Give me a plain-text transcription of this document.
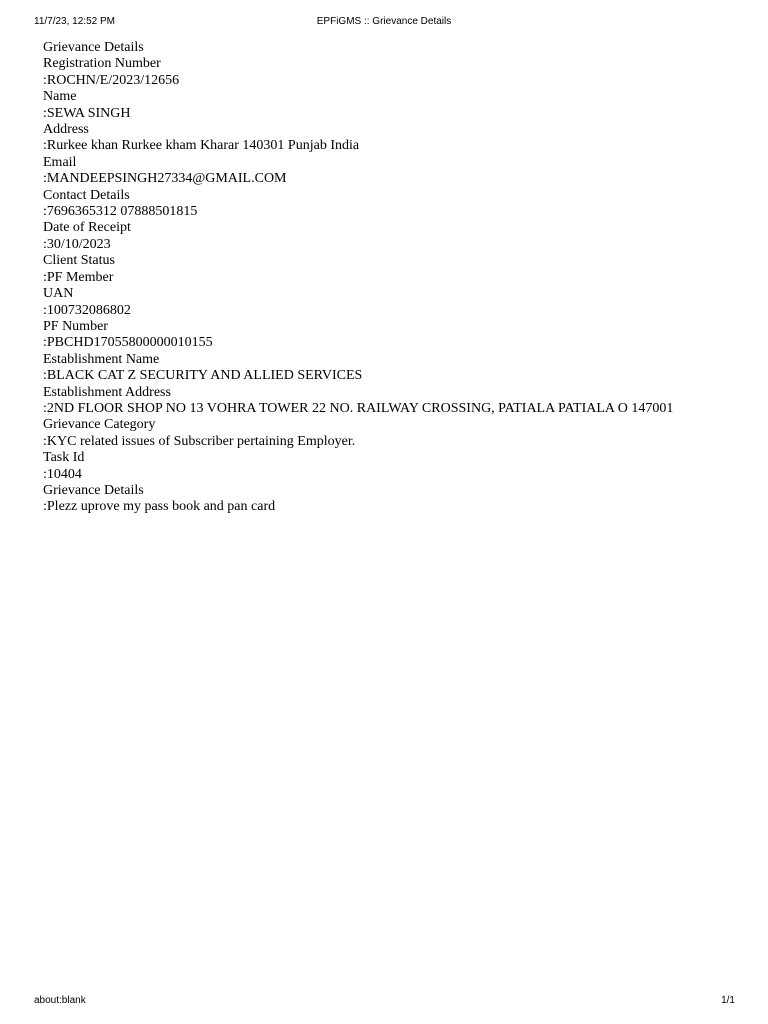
EPFiGMS :: Grievance Details
11/7/23, 12:52 PM

Grievance Details

Registration Number

:ROCHN/E/2023/12656

Name

:SEWA SINGH

Address

:Rurkee khan Rurkee kham Kharar 140301 Punjab India

Email

:MANDEEPSINGH27334@GMAIL.COM

Contact Details

:7696365312 07888501815

Date of Receipt

:30/10/2023

Client Status

:PF Member

UAN

:100732086802

PF Number

:PBCHD17055800000010155

Establishment Name

:BLACK CAT Z SECURITY AND ALLIED SERVICES

Establishment Address

:2ND FLOOR SHOP NO 13 VOHRA TOWER 22 NO. RAILWAY CROSSING, PATIALA PATIALA O 147001

Grievance Category

:KYC related issues of Subscriber pertaining Employer.

Task Id

:10404

Grievance Details

:Plezz uprove my pass book and pan card

about:blank	1/1
